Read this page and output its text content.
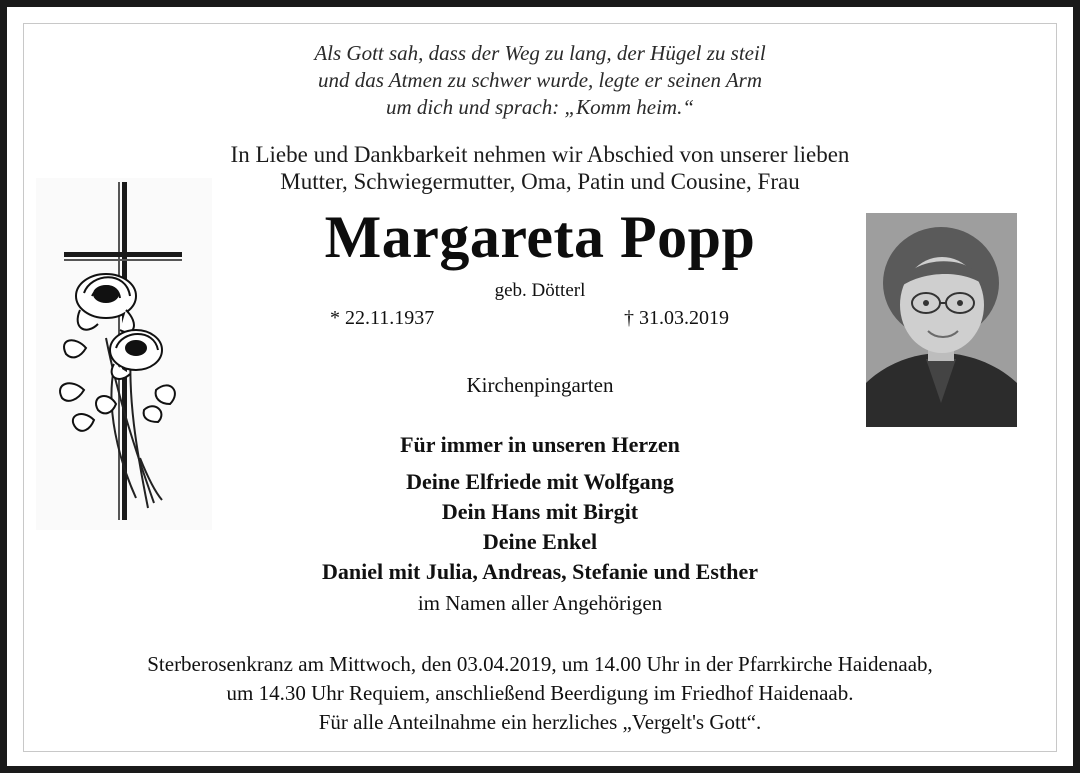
Als Gott sah, dass der Weg zu lang, der Hügel zu steil
und das Atmen zu schwer wurde, legte er seinen Arm
um dich und sprach: „Komm heim.“
In Liebe und Dankbarkeit nehmen wir Abschied von unserer lieben
Mutter, Schwiegermutter, Oma, Patin und Cousine, Frau
Margareta Popp
geb. Dötterl
* 22.11.1937	† 31.03.2019
Kirchenpingarten
Für immer in unseren Herzen
Deine Elfriede mit Wolfgang
Dein Hans mit Birgit
Deine Enkel
Daniel mit Julia, Andreas, Stefanie und Esther
im Namen aller Angehörigen
Sterberosenkranz am Mittwoch, den 03.04.2019, um 14.00 Uhr in der Pfarrkirche Haidenaab,
um 14.30 Uhr Requiem, anschließend Beerdigung im Friedhof Haidenaab.
Für alle Anteilnahme ein herzliches „Vergelt's Gott“.
